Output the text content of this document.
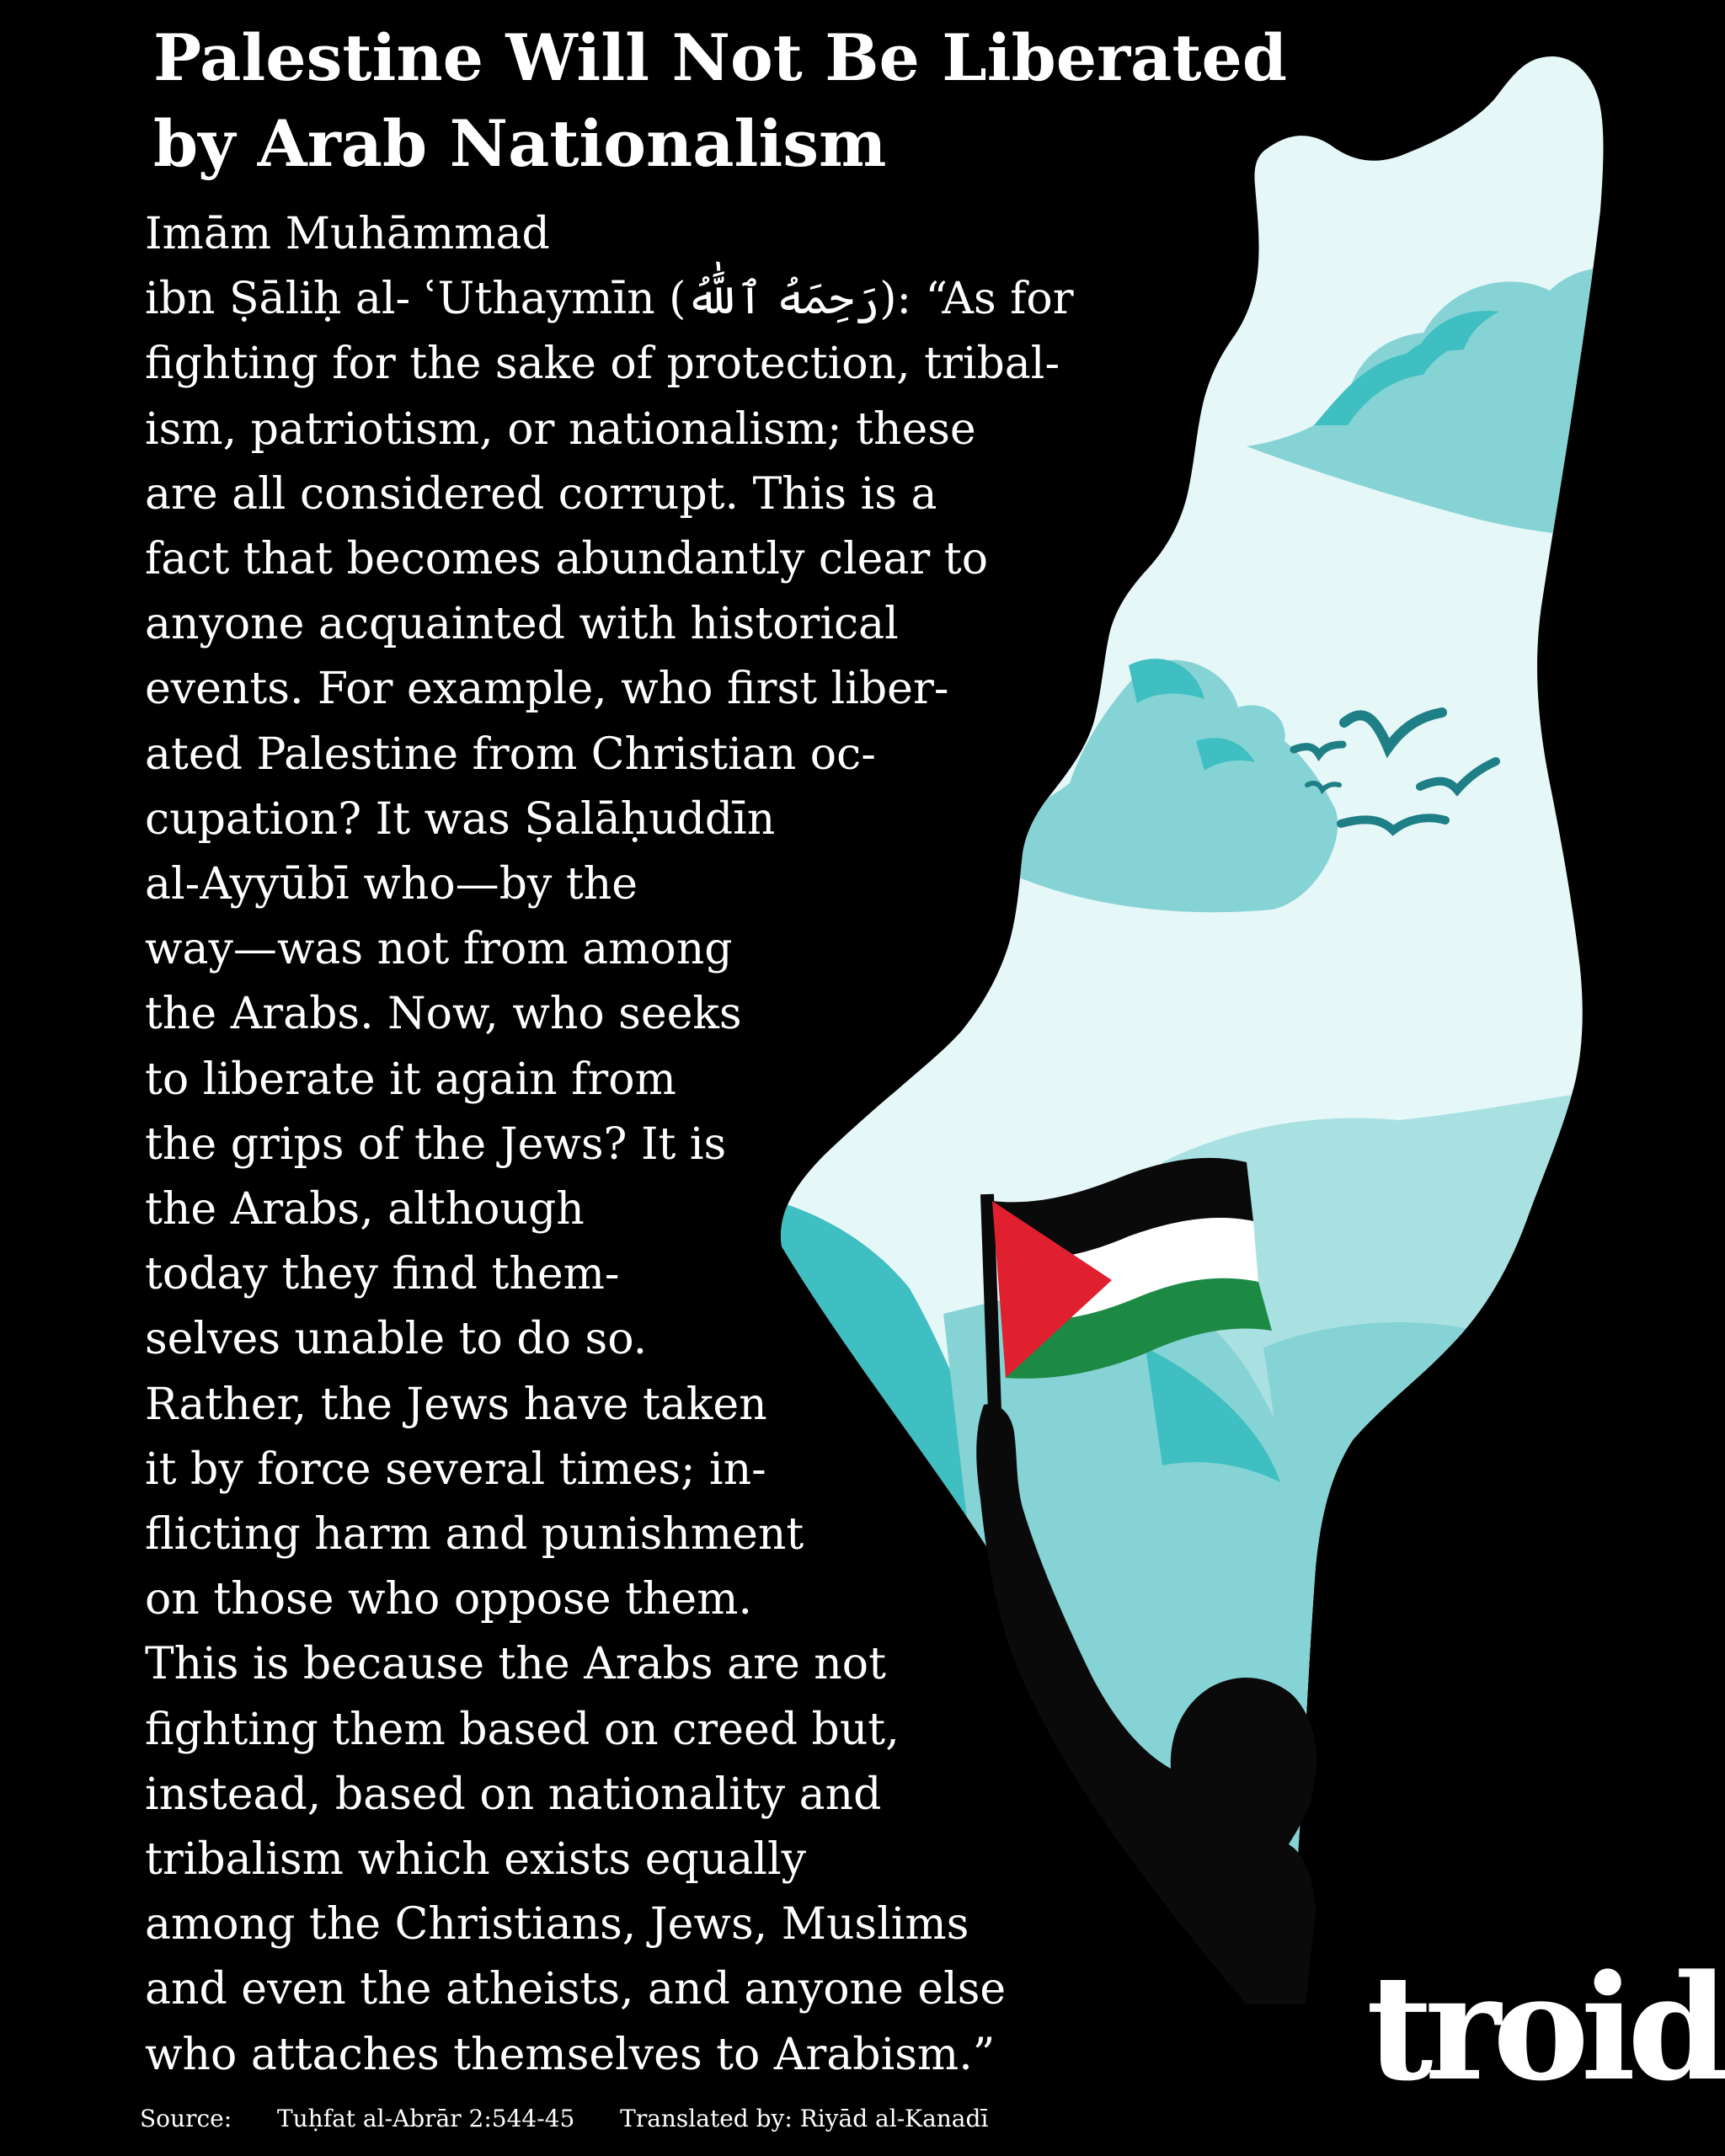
Palestine Will Not Be Liberated
by Arab Nationalism
Imām Muhāmmad
ibn Ṣāliḥ al- ʿUthaymīn (رَحِمَهُ ٱللَّٰهُ): “As for
fighting for the sake of protection, tribal-
ism, patriotism, or nationalism; these
are all considered corrupt. This is a
fact that becomes abundantly clear to
anyone acquainted with historical
events. For example, who first liber-
ated Palestine from Christian oc-
cupation? It was Ṣalāḥuddīn
al-Ayyūbī who—by the
way—was not from among
the Arabs. Now, who seeks
to liberate it again from
the grips of the Jews? It is
the Arabs, although
today they find them-
selves unable to do so.
Rather, the Jews have taken
it by force several times; in-
flicting harm and punishment
on those who oppose them.
This is because the Arabs are not
fighting them based on creed but,
instead, based on nationality and
tribalism which exists equally
among the Christians, Jews, Muslims
and even the atheists, and anyone else
who attaches themselves to Arabism.”
Source: Tuḥfat al-Abrār 2:544-45 Translated by: Riyād al-Kanadī
troid
